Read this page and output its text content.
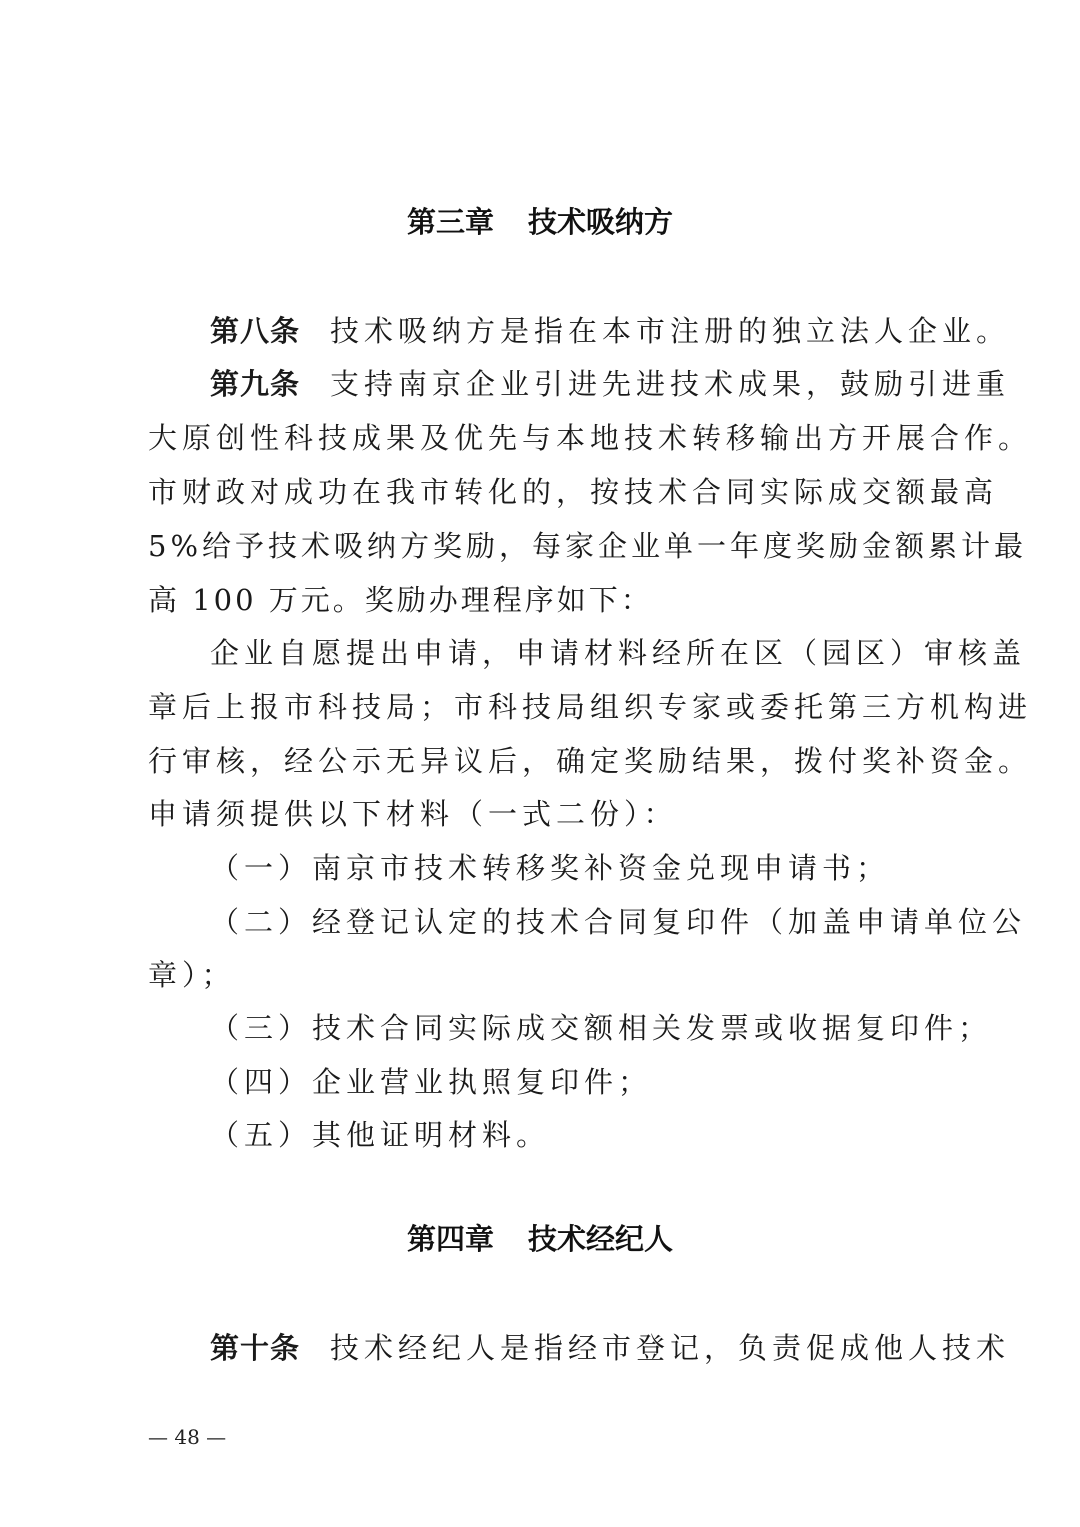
第三章 技术吸纳方

第八条 技术吸纳方是指在本市注册的独立法人企业。

第九条 支持南京企业引进先进技术成果，鼓励引进重

大原创性科技成果及优先与本地技术转移输出方开展合作。

市财政对成功在我市转化的，按技术合同实际成交额最高

5%给予技术吸纳方奖励，每家企业单一年度奖励金额累计最

高 100 万元。奖励办理程序如下：

企业自愿提出申请，申请材料经所在区（园区）审核盖

章后上报市科技局；市科技局组织专家或委托第三方机构进

行审核，经公示无异议后，确定奖励结果，拨付奖补资金。

申请须提供以下材料（一式二份）：

（一）南京市技术转移奖补资金兑现申请书；

（二）经登记认定的技术合同复印件（加盖申请单位公

章）；

（三）技术合同实际成交额相关发票或收据复印件；

（四）企业营业执照复印件；

（五）其他证明材料。

第四章 技术经纪人

第十条 技术经纪人是指经市登记，负责促成他人技术

— 48 —
